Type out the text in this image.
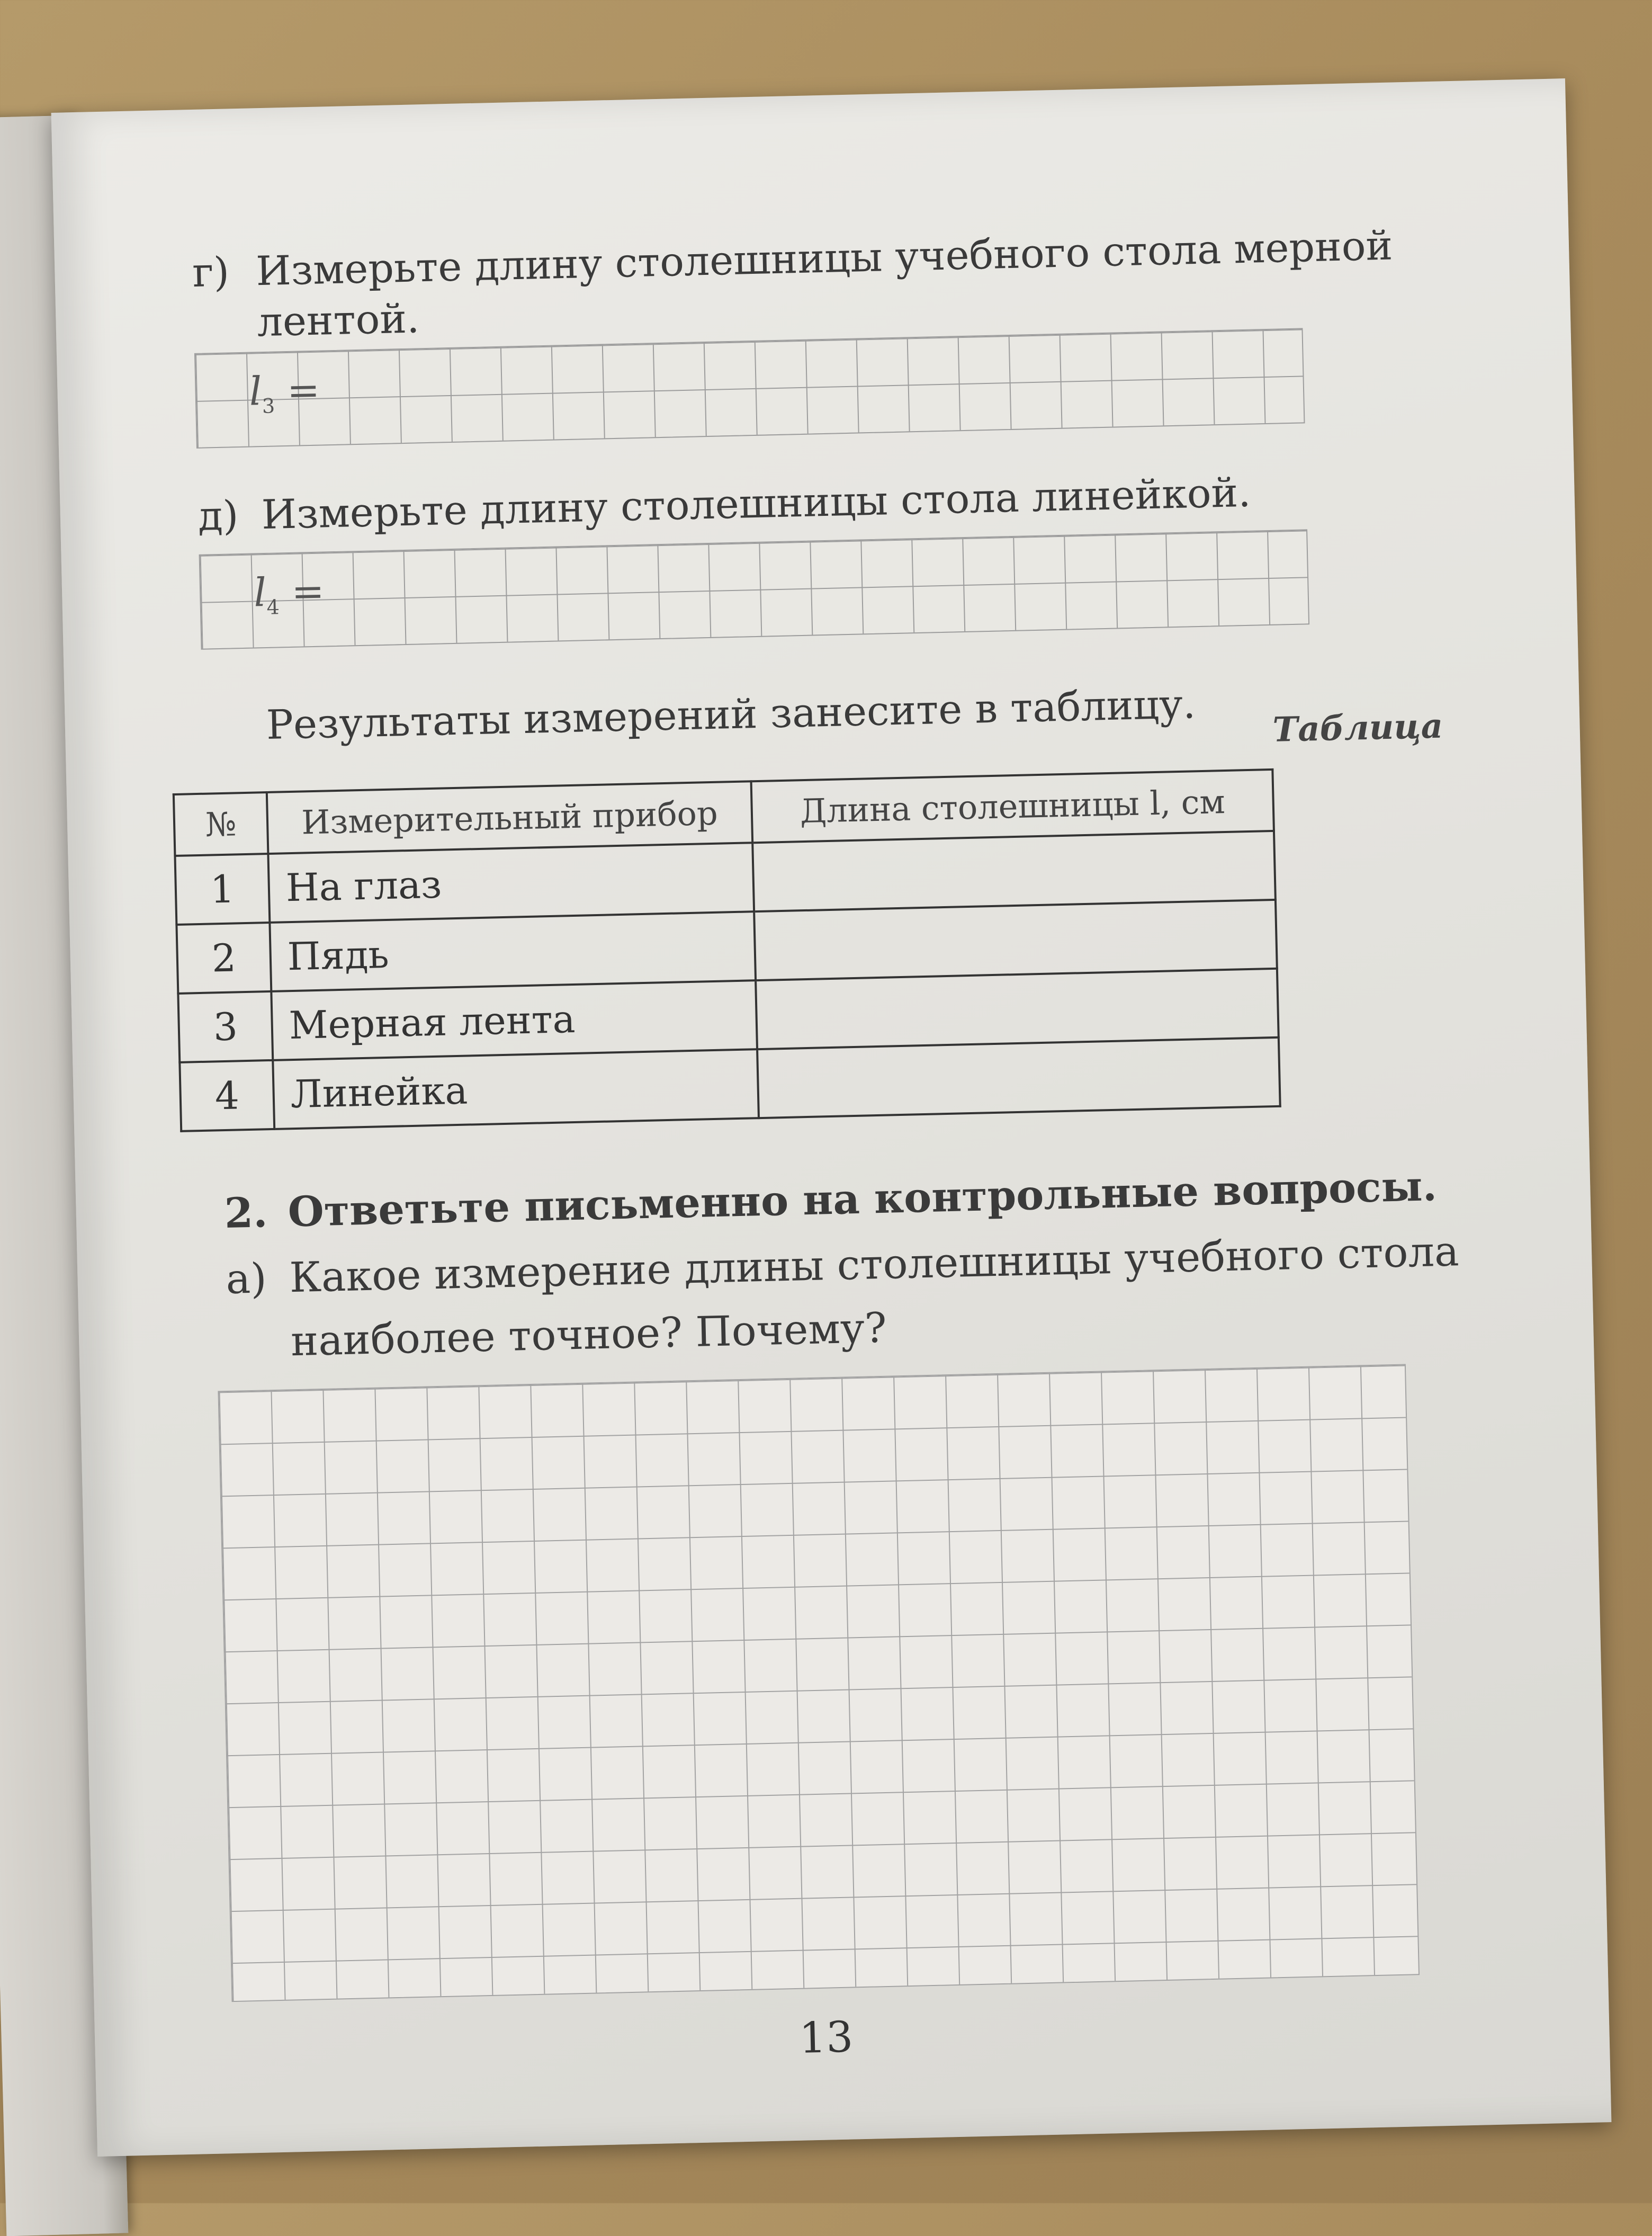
г) Измерьте длину столешницы учебного стола мерной
лентой.
$l_3$ =
д) Измерьте длину столешницы стола линейкой.
$l_4$ =
Результаты измерений занесите в таблицу. Таблица
№	Измерительный прибор	Длина столешницы l, см
1	На глаз	
2	Пядь	
3	Мерная лента	
4	Линейка	
2. Ответьте письменно на контрольные вопросы.
а) Какое измерение длины столешницы учебного стола наиболее точное? Почему?
13
